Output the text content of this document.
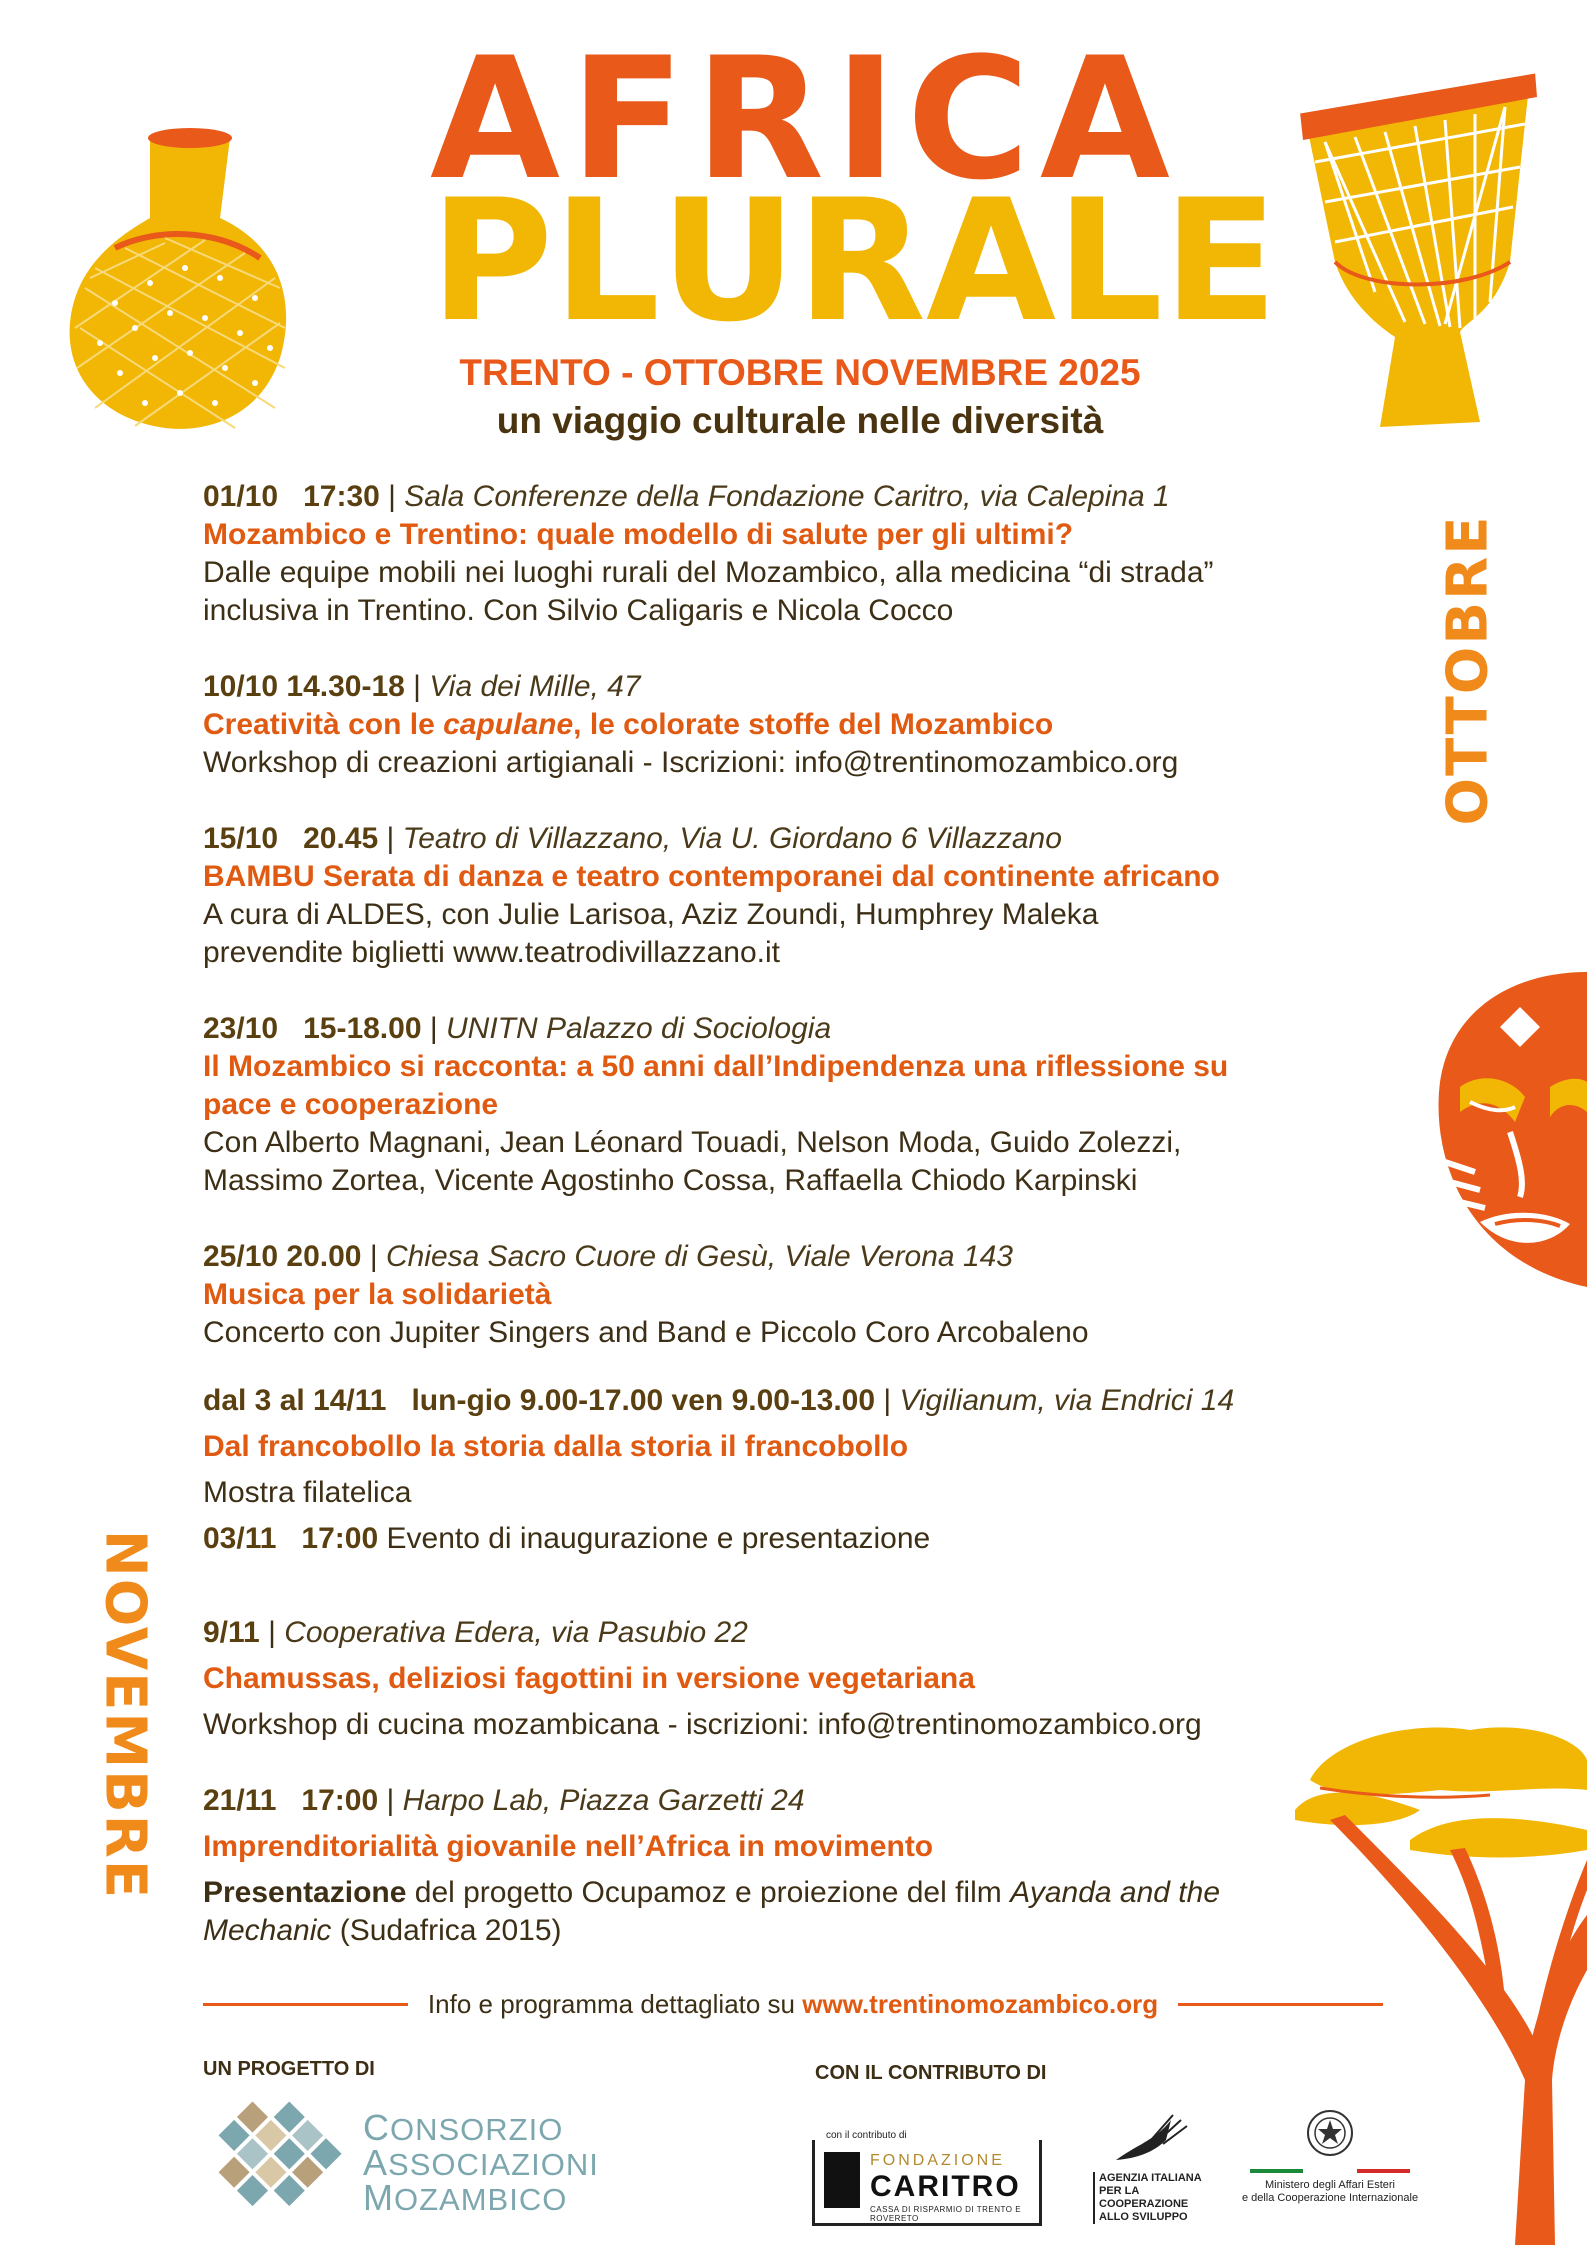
A F R I C A
P L U R A L E
TRENTO - OTTOBRE NOVEMBRE 2025
un viaggio culturale nelle diversità
OTTOBRE
NOVEMBRE
01/10   17:30 | Sala Conferenze della Fondazione Caritro, via Calepina 1
Mozambico e Trentino: quale modello di salute per gli ultimi?
Dalle equipe mobili nei luoghi rurali del Mozambico, alla medicina “di strada”
inclusiva in Trentino. Con Silvio Caligaris e Nicola Cocco
10/10 14.30-18 | Via dei Mille, 47
Creatività con le capulane, le colorate stoffe del Mozambico
Workshop di creazioni artigianali - Iscrizioni: info@trentinomozambico.org
15/10   20.45 | Teatro di Villazzano, Via U. Giordano 6 Villazzano
BAMBU Serata di danza e teatro contemporanei dal continente africano
A cura di ALDES, con Julie Larisoa, Aziz Zoundi, Humphrey Maleka
prevendite biglietti www.teatrodivillazzano.it
23/10   15-18.00 | UNITN Palazzo di Sociologia
Il Mozambico si racconta: a 50 anni dall’Indipendenza una riflessione su
pace e cooperazione
Con Alberto Magnani, Jean Léonard Touadi, Nelson Moda, Guido Zolezzi,
Massimo Zortea, Vicente Agostinho Cossa, Raffaella Chiodo Karpinski
25/10 20.00 | Chiesa Sacro Cuore di Gesù, Viale Verona 143
Musica per la solidarietà
Concerto con Jupiter Singers and Band e Piccolo Coro Arcobaleno
dal 3 al 14/11   lun-gio 9.00-17.00 ven 9.00-13.00 | Vigilianum, via Endrici 14
Dal francobollo la storia dalla storia il francobollo
Mostra filatelica
03/11   17:00 Evento di inaugurazione e presentazione
9/11 | Cooperativa Edera, via Pasubio 22
Chamussas, deliziosi fagottini in versione vegetariana
Workshop di cucina mozambicana - iscrizioni: info@trentinomozambico.org
21/11   17:00 | Harpo Lab, Piazza Garzetti 24
Imprenditorialità giovanile nell’Africa in movimento
Presentazione del progetto Ocupamoz e proiezione del film Ayanda and the
Mechanic (Sudafrica 2015)
Info e programma dettagliato su www.trentinomozambico.org
UN PROGETTO DI	CON IL CONTRIBUTO DI
CONSORZIO
ASSOCIAZIONI
MOZAMBICO
con il contributo di
FONDAZIONE
CARITRO
CASSA DI RISPARMIO DI TRENTO E ROVERETO
AGENZIA ITALIANA
PER LA COOPERAZIONE
ALLO SVILUPPO
Ministero degli Affari Esteri
e della Cooperazione Internazionale
